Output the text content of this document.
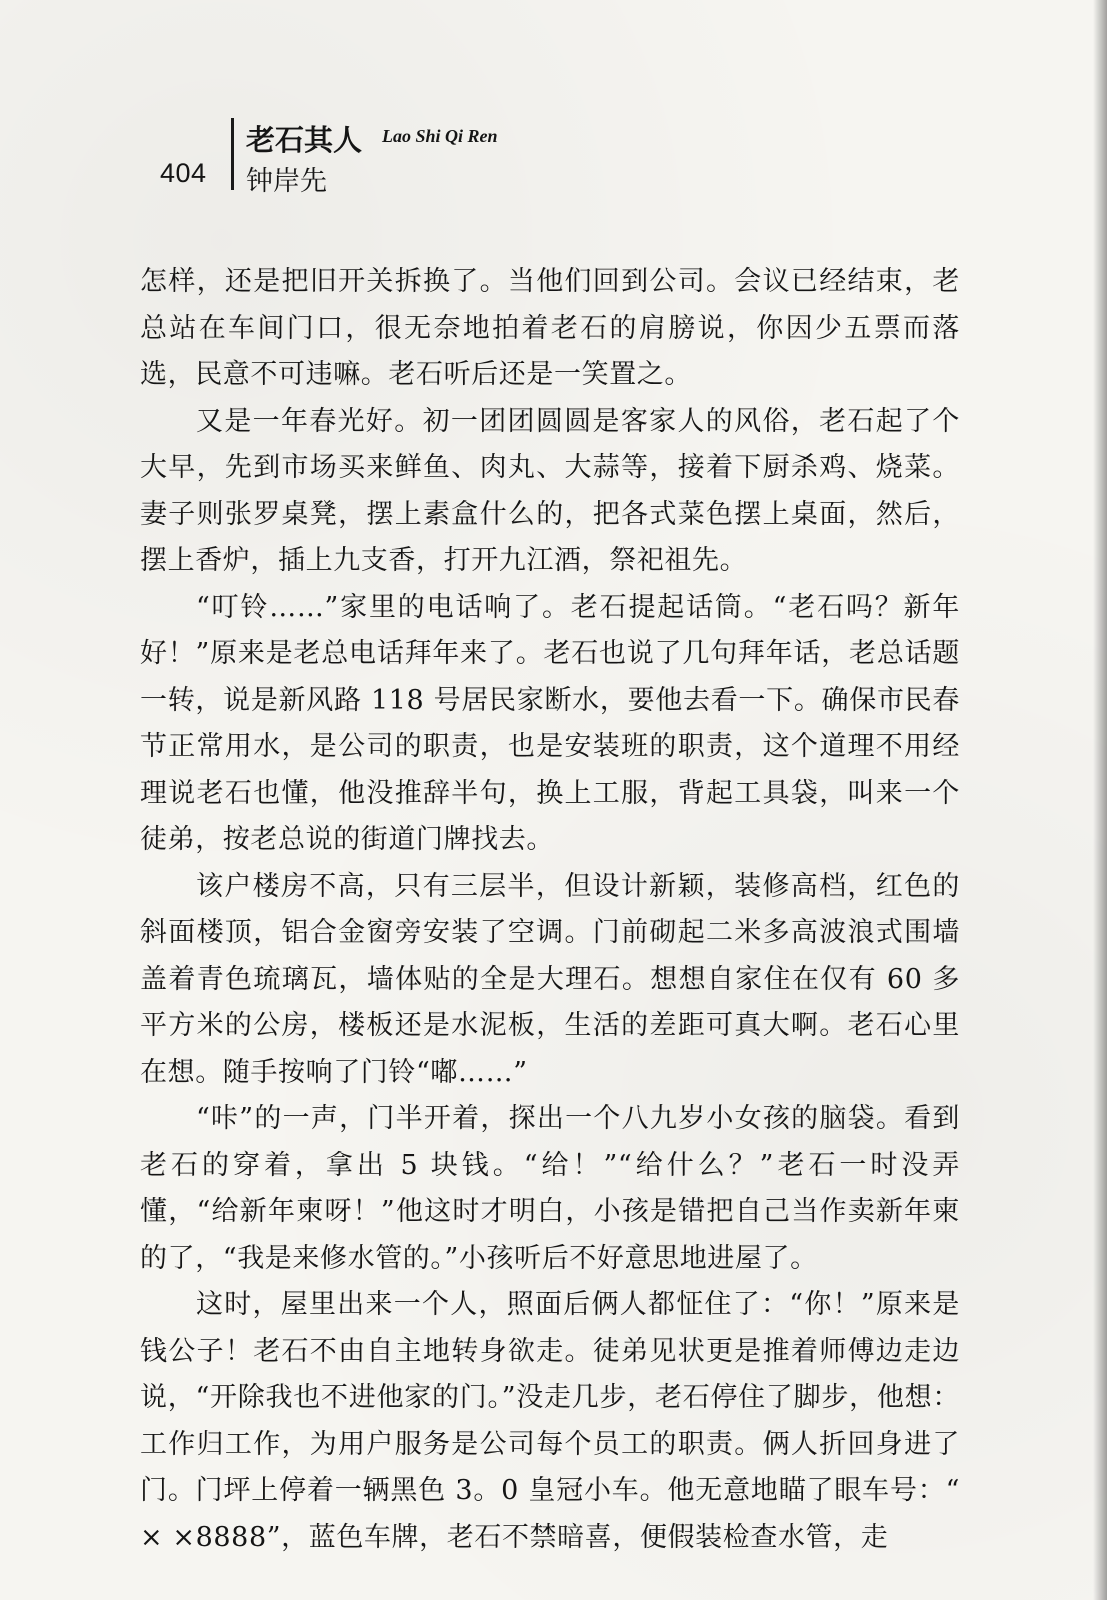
404
老石其人 Lao Shi Qi Ren
钟岸先

怎样，还是把旧开关拆换了。当他们回到公司。会议已经结束，老总站在车间门口，很无奈地拍着老石的肩膀说，你因少五票而落选，民意不可违嘛。老石听后还是一笑置之。

又是一年春光好。初一团团圆圆是客家人的风俗，老石起了个大早，先到市场买来鲜鱼、肉丸、大蒜等，接着下厨杀鸡、烧菜。妻子则张罗桌凳，摆上素盒什么的，把各式菜色摆上桌面，然后，摆上香炉，插上九支香，打开九江酒，祭祀祖先。

“叮铃……”家里的电话响了。老石提起话筒。“老石吗？新年好！”原来是老总电话拜年来了。老石也说了几句拜年话，老总话题一转，说是新风路 118 号居民家断水，要他去看一下。确保市民春节正常用水，是公司的职责，也是安装班的职责，这个道理不用经理说老石也懂，他没推辞半句，换上工服，背起工具袋，叫来一个徒弟，按老总说的街道门牌找去。

该户楼房不高，只有三层半，但设计新颖，装修高档，红色的斜面楼顶，铝合金窗旁安装了空调。门前砌起二米多高波浪式围墙盖着青色琉璃瓦，墙体贴的全是大理石。想想自家住在仅有 60 多平方米的公房，楼板还是水泥板，生活的差距可真大啊。老石心里在想。随手按响了门铃“嘟……”

“咔”的一声，门半开着，探出一个八九岁小女孩的脑袋。看到老石的穿着，拿出 5 块钱。“给！”“给什么？”老石一时没弄懂，“给新年柬呀！”他这时才明白，小孩是错把自己当作卖新年柬的了，“我是来修水管的。”小孩听后不好意思地进屋了。

这时，屋里出来一个人，照面后俩人都怔住了：“你！”原来是钱公子！老石不由自主地转身欲走。徒弟见状更是推着师傅边走边说，“开除我也不进他家的门。”没走几步，老石停住了脚步，他想：工作归工作，为用户服务是公司每个员工的职责。俩人折回身进了门。门坪上停着一辆黑色 3。0 皇冠小车。他无意地瞄了眼车号：“ × ×8888”，蓝色车牌，老石不禁暗喜，便假装检查水管，走
